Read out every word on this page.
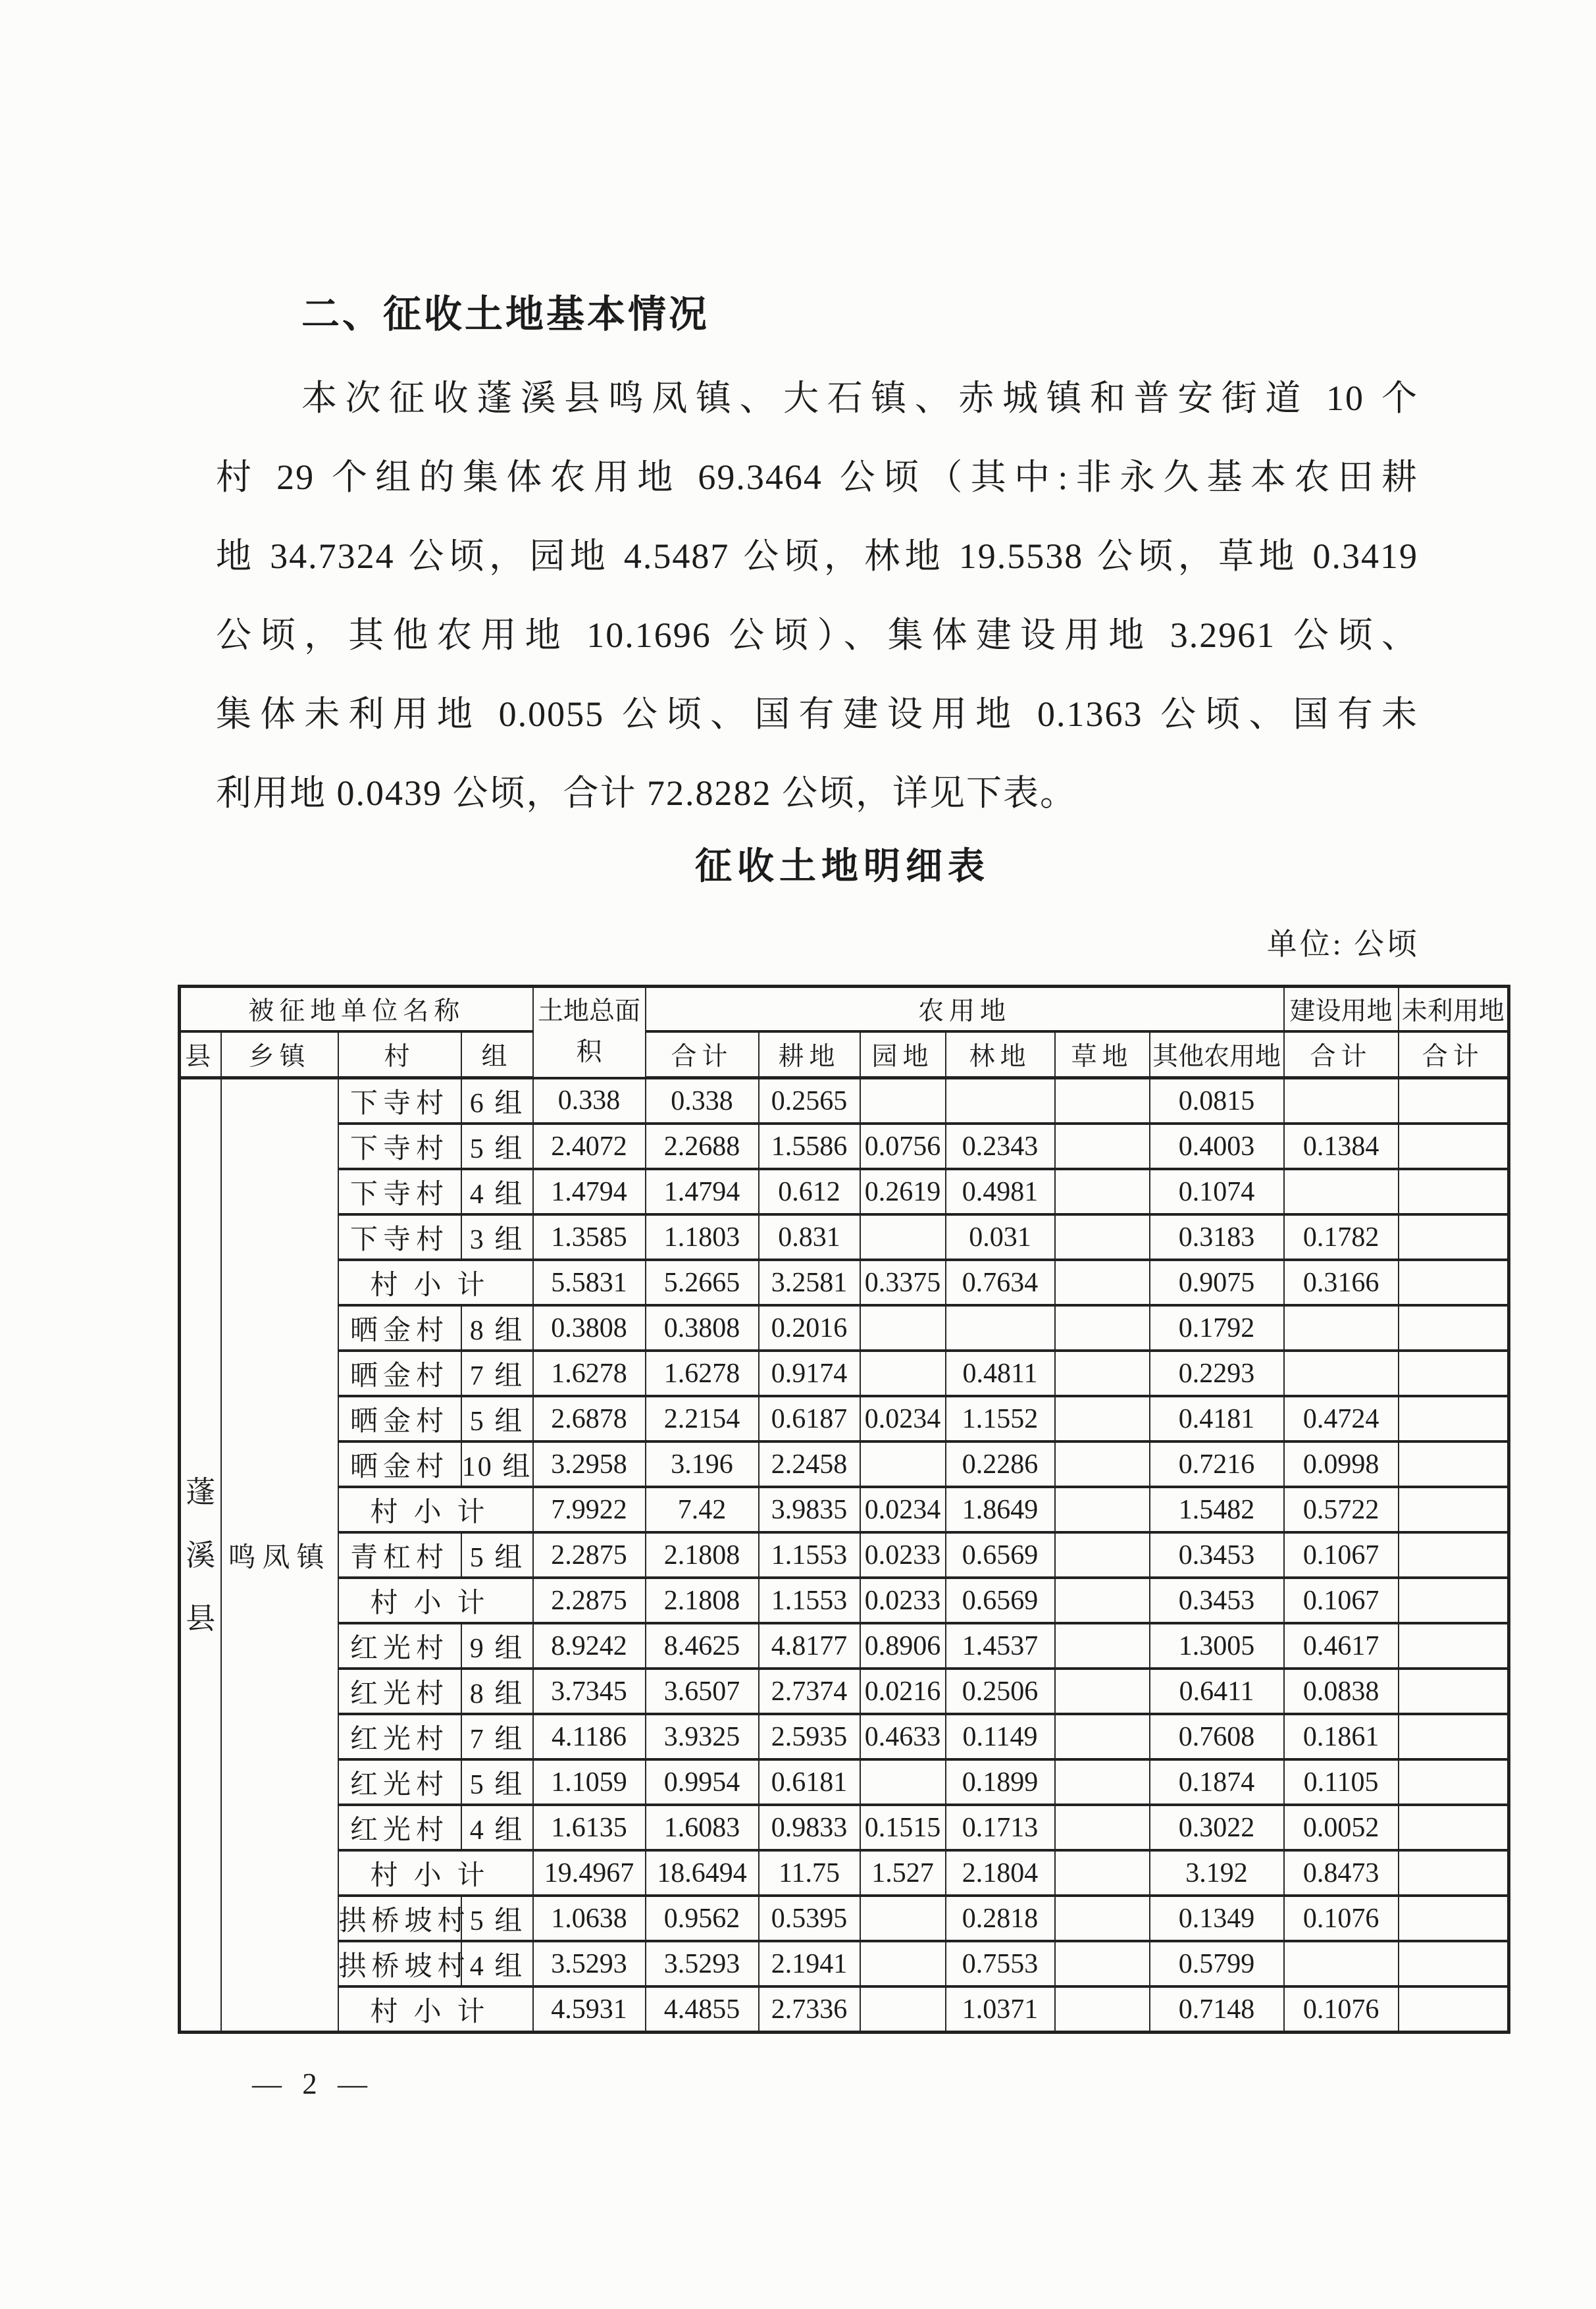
二、征收土地基本情况
本次征收蓬溪县鸣凤镇、大石镇、赤城镇和普安街道 10 个
村 29 个组的集体农用地 69.3464 公顷（其中:非永久基本农田耕
地 34.7324 公顷，园地 4.5487 公顷，林地 19.5538 公顷，草地 0.3419
公顷，其他农用地 10.1696 公顷）、集体建设用地 3.2961 公顷、
集体未利用地 0.0055 公顷、国有建设用地 0.1363 公顷、国有未
利用地 0.0439 公顷，合计 72.8282 公顷，详见下表。
征收土地明细表
单位: 公顷
被征地单位名称				土地总面积	农用地						建设用地	未利用地
县	乡镇	村	组		合计	耕地	园地	林地	草地	其他农用地	合计	合计

蓬溪县	鸣凤镇	下寺村	6 组	0.338	0.338	0.2565				0.0815		
		下寺村	5 组	2.4072	2.2688	1.5586	0.0756	0.2343		0.4003	0.1384	
		下寺村	4 组	1.4794	1.4794	0.612	0.2619	0.4981		0.1074		
		下寺村	3 组	1.3585	1.1803	0.831		0.031		0.3183	0.1782	
		村小计		5.5831	5.2665	3.2581	0.3375	0.7634		0.9075	0.3166	
		晒金村	8 组	0.3808	0.3808	0.2016				0.1792		
		晒金村	7 组	1.6278	1.6278	0.9174		0.4811		0.2293		
		晒金村	5 组	2.6878	2.2154	0.6187	0.0234	1.1552		0.4181	0.4724	
		晒金村	10 组	3.2958	3.196	2.2458		0.2286		0.7216	0.0998	
		村小计		7.9922	7.42	3.9835	0.0234	1.8649		1.5482	0.5722	
		青杠村	5 组	2.2875	2.1808	1.1553	0.0233	0.6569		0.3453	0.1067	
		村小计		2.2875	2.1808	1.1553	0.0233	0.6569		0.3453	0.1067	
		红光村	9 组	8.9242	8.4625	4.8177	0.8906	1.4537		1.3005	0.4617	
		红光村	8 组	3.7345	3.6507	2.7374	0.0216	0.2506		0.6411	0.0838	
		红光村	7 组	4.1186	3.9325	2.5935	0.4633	0.1149		0.7608	0.1861	
		红光村	5 组	1.1059	0.9954	0.6181		0.1899		0.1874	0.1105	
		红光村	4 组	1.6135	1.6083	0.9833	0.1515	0.1713		0.3022	0.0052	
		村小计		19.4967	18.6494	11.75	1.527	2.1804		3.192	0.8473	
		拱桥坡村	5 组	1.0638	0.9562	0.5395		0.2818		0.1349	0.1076	
		拱桥坡村	4 组	3.5293	3.5293	2.1941		0.7553		0.5799		
		村小计		4.5931	4.4855	2.7336		1.0371		0.7148	0.1076	
— 2 —
